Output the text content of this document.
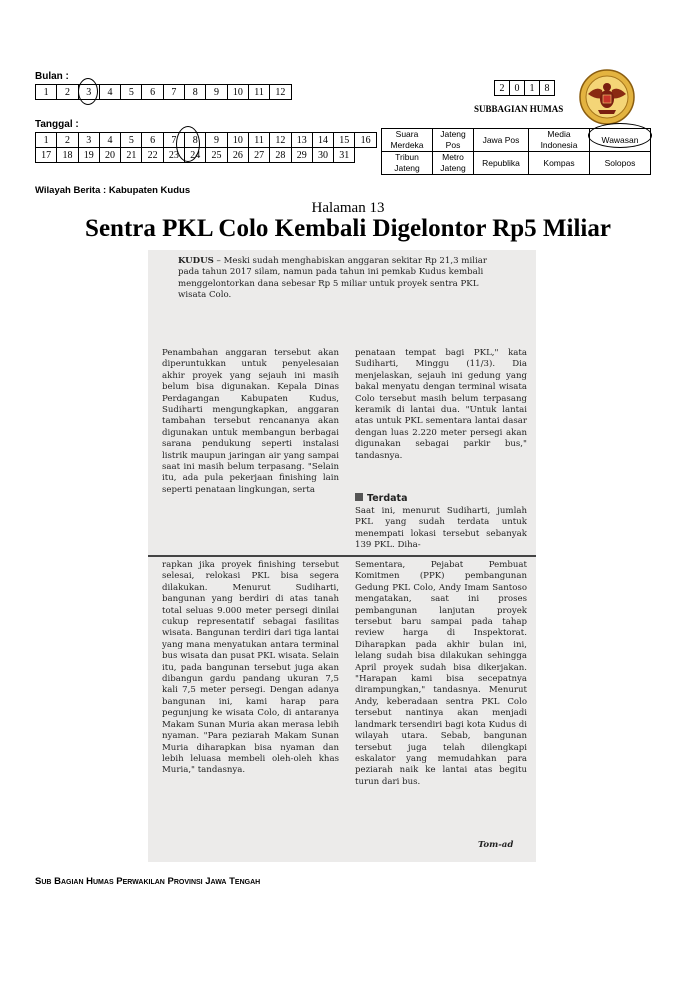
Bulan :
1	2	3	4	5	6	7	8	9	10	11	12
Tanggal :
1	2	3	4	5	6	7	8	9	10	11	12	13	14	15	16
17	18	19	20	21	22	23	24	25	26	27	28	29	30	31	
Wilayah Berita : Kabupaten Kudus
2	0	1	8
SUBBAGIAN HUMAS
Suara Merdeka	Jateng Pos	Jawa Pos	Media Indonesia	Wawasan
Tribun Jateng	Metro Jateng	Republika	Kompas	Solopos
Halaman 13
Sentra PKL Colo Kembali Digelontor Rp5 Miliar
KUDUS – Meski sudah menghabiskan anggaran sekitar Rp 21,3 miliar pada tahun 2017 silam, namun pada tahun ini pemkab Kudus kembali menggelontorkan dana sebesar Rp 5 miliar untuk proyek sentra PKL wisata Colo.
Penambahan anggaran tersebut akan diperuntukkan untuk penyelesaian akhir proyek yang sejauh ini masih belum bisa digunakan. Kepala Dinas Perdagangan Kabupaten Kudus, Sudiharti mengungkapkan, anggaran tambahan tersebut rencananya akan digunakan untuk membangun berbagai sarana pendukung seperti instalasi listrik maupun jaringan air yang sampai saat ini masih belum terpasang. "Selain itu, ada pula pekerjaan finishing lain seperti penataan lingkungan, serta
penataan tempat bagi PKL," kata Sudiharti, Minggu (11/3). Dia menjelaskan, sejauh ini gedung yang bakal menyatu dengan terminal wisata Colo tersebut masih belum terpasang keramik di lantai dua. "Untuk lantai atas untuk PKL sementara lantai dasar dengan luas 2.220 meter persegi akan digunakan sebagai parkir bus," tandasnya.
Terdata
Saat ini, menurut Sudiharti, jumlah PKL yang sudah terdata untuk menempati lokasi tersebut sebanyak 139 PKL. Diha-
rapkan jika proyek finishing tersebut selesai, relokasi PKL bisa segera dilakukan. Menurut Sudiharti, bangunan yang berdiri di atas tanah total seluas 9.000 meter persegi dinilai cukup representatif sebagai fasilitas wisata. Bangunan terdiri dari tiga lantai yang mana menyatukan antara terminal bus wisata dan pusat PKL wisata. Selain itu, pada bangunan tersebut juga akan dibangun gardu pandang ukuran 7,5 kali 7,5 meter persegi. Dengan adanya bangunan ini, kami harap para pegunjung ke wisata Colo, di antaranya Makam Sunan Muria akan merasa lebih nyaman. "Para peziarah Makam Sunan Muria diharapkan bisa nyaman dan lebih leluasa membeli oleh-oleh khas Muria," tandasnya.
Sementara, Pejabat Pembuat Komitmen (PPK) pembangunan Gedung PKL Colo, Andy Imam Santoso mengatakan, saat ini proses pembangunan lanjutan proyek tersebut baru sampai pada tahap review harga di Inspektorat. Diharapkan pada akhir bulan ini, lelang sudah bisa dilakukan sehingga April proyek sudah bisa dikerjakan. "Harapan kami bisa secepatnya dirampungkan," tandasnya. Menurut Andy, keberadaan sentra PKL Colo tersebut nantinya akan menjadi landmark tersendiri bagi kota Kudus di wilayah utara. Sebab, bangunan tersebut juga telah dilengkapi eskalator yang memudahkan para peziarah naik ke lantai atas begitu turun dari bus.
Tom-ad
Sub Bagian Humas Perwakilan Provinsi Jawa Tengah
